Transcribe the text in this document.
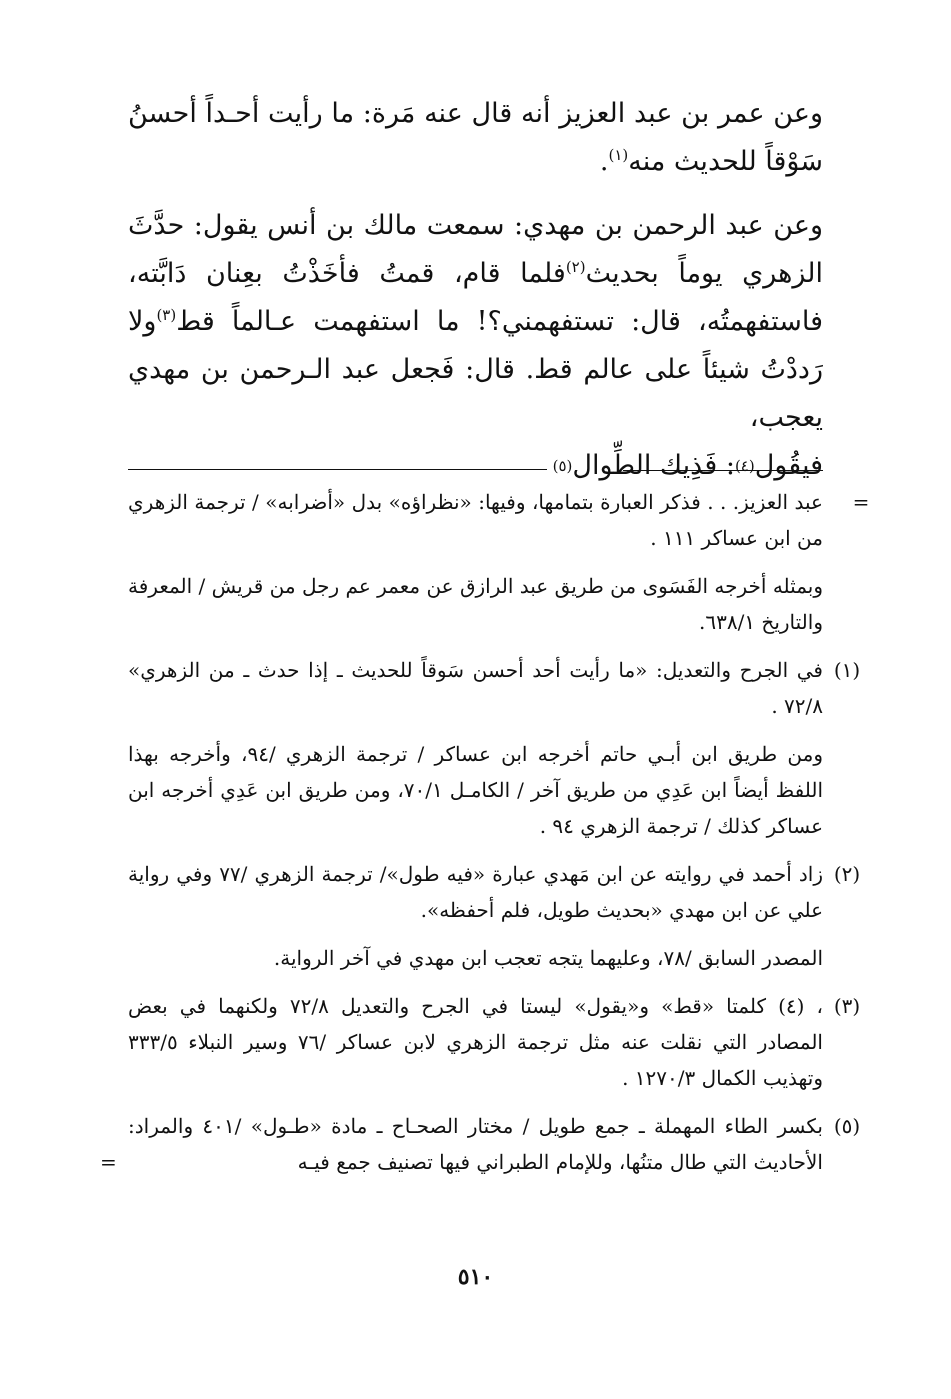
وعن عمر بن عبد العزيز أنه قال عنه مَرة: ما رأيت أحـداً أحسنُ سَوْقاً للحديث منه$^{(١)}$.

وعن عبد الرحمن بن مهدي: سمعت مالك بن أنس يقول: حدَّثَ الزهري يوماً بحديث$^{(٢)}$فلما قام، قمتُ فأخَذْتُ بعِنان دَابَّته، فاستفهمتُه، قال: تستفهمني؟! ما استفهمت عـالماً قط$^{(٣)}$ولا رَددْتُ شيئاً على عالم قط. قال: فَجعل عبد الـرحمن بن مهدي يعجب،

فيقُول
(٤)
: فَذِيك الطِّوال
(٥)
=
عبد العزيز. . . فذكر العبارة بتمامها، وفيها: «نظراؤه» بدل «أضرابه» / ترجمة الزهري من ابن عساكر ١١١ .
وبمثله أخرجه الفَسَوى من طريق عبد الرازق عن معمر عم رجل من قريش / المعرفة والتاريخ ٦٣٨/١.
(١)
في الجرح والتعديل: «ما رأيت أحد أحسن سَوقاً للحديث ـ إذا حدث ـ من الزهري» ٧٢/٨ .
ومن طريق ابن أبـي حاتم أخرجه ابن عساكر / ترجمة الزهري /٩٤، وأخرجه بهذا اللفظ أيضاً ابن عَدِي من طريق آخر / الكامـل ٧٠/١، ومن طريق ابن عَدِي أخرجه ابن عساكر كذلك / ترجمة الزهري ٩٤ .
(٢)
زاد أحمد في روايته عن ابن مَهدي عبارة «فيه طول»/ ترجمة الزهري /٧٧ وفي رواية علي عن ابن مهدي «بحديث طويل، فلم أحفظه».
المصدر السابق /٧٨، وعليهما يتجه تعجب ابن مهدي في آخر الرواية.
(٣)
، (٤) كلمتا «قط» و«يقول» ليستا في الجرح والتعديل ٧٢/٨ ولكنهما في بعض المصادر التي نقلت عنه مثل ترجمة الزهري لابن عساكر /٧٦ وسير النبلاء ٣٣٣/٥ وتهذيب الكمال ١٢٧٠/٣ .
(٥)
بكسر الطاء المهملة ـ جمع طويل / مختار الصحـاح ـ مادة «طـول» /٤٠١ والمراد: الأحاديث التي طال متنُها، وللإمام الطبراني فيها تصنيف جمع فيـه
=
٥١٠
